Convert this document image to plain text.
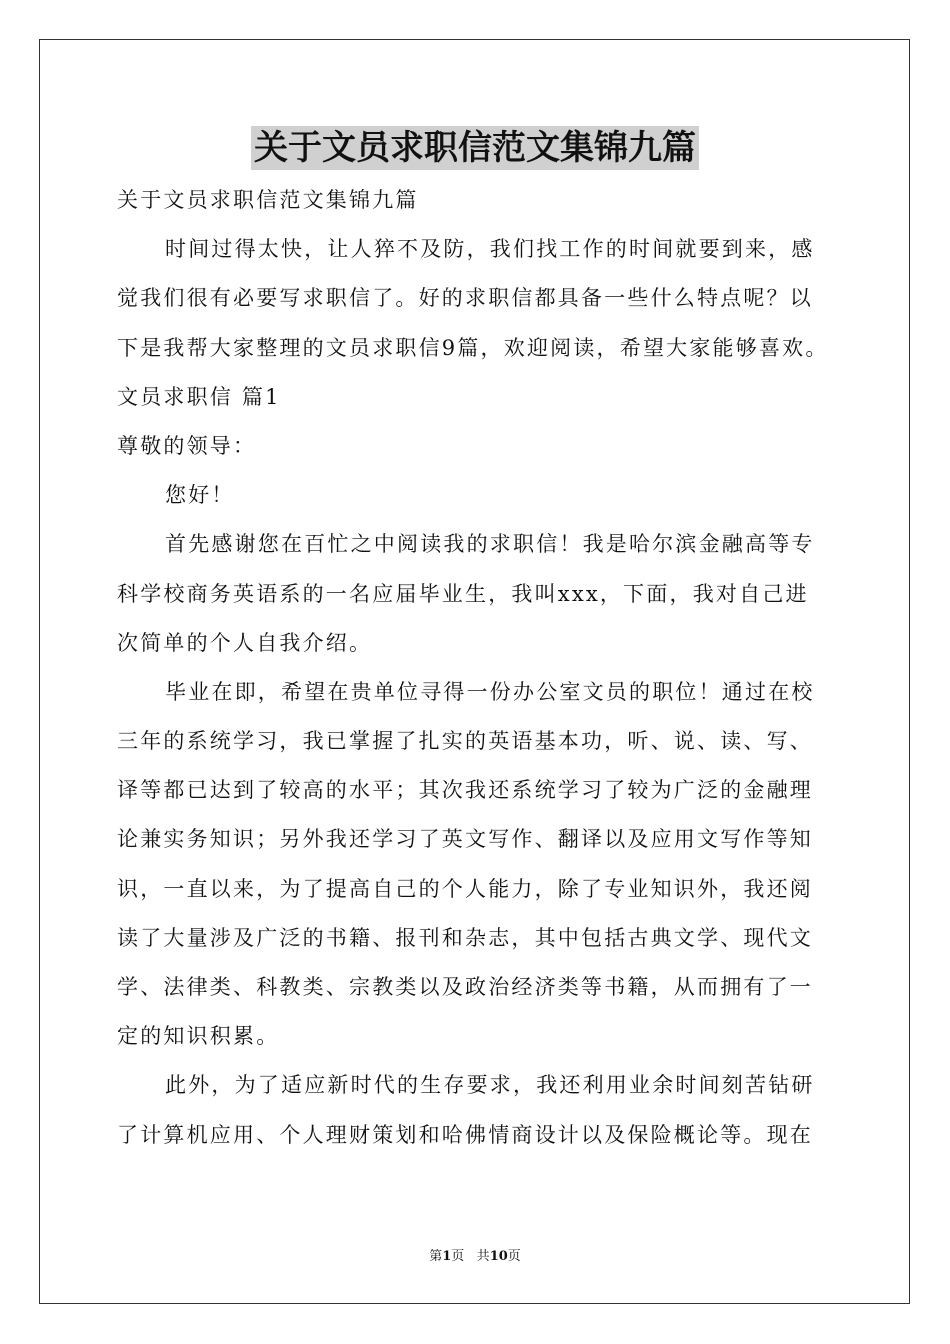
关于文员求职信范文集锦九篇
关于文员求职信范文集锦九篇
时间过得太快，让人猝不及防，我们找工作的时间就要到来，感
觉我们很有必要写求职信了。好的求职信都具备一些什么特点呢？以
下是我帮大家整理的文员求职信9篇，欢迎阅读，希望大家能够喜欢。
文员求职信 篇1
尊敬的领导：
您好！
首先感谢您在百忙之中阅读我的求职信！我是哈尔滨金融高等专
科学校商务英语系的一名应届毕业生，我叫xxx，下面，我对自己进
次简单的个人自我介绍。
毕业在即，希望在贵单位寻得一份办公室文员的职位！通过在校
三年的系统学习，我已掌握了扎实的英语基本功，听、说、读、写、
译等都已达到了较高的水平；其次我还系统学习了较为广泛的金融理
论兼实务知识；另外我还学习了英文写作、翻译以及应用文写作等知
识，一直以来，为了提高自己的个人能力，除了专业知识外，我还阅
读了大量涉及广泛的书籍、报刊和杂志，其中包括古典文学、现代文
学、法律类、科教类、宗教类以及政治经济类等书籍，从而拥有了一
定的知识积累。
此外，为了适应新时代的生存要求，我还利用业余时间刻苦钻研
了计算机应用、个人理财策划和哈佛情商设计以及保险概论等。现在
第1页 共10页
